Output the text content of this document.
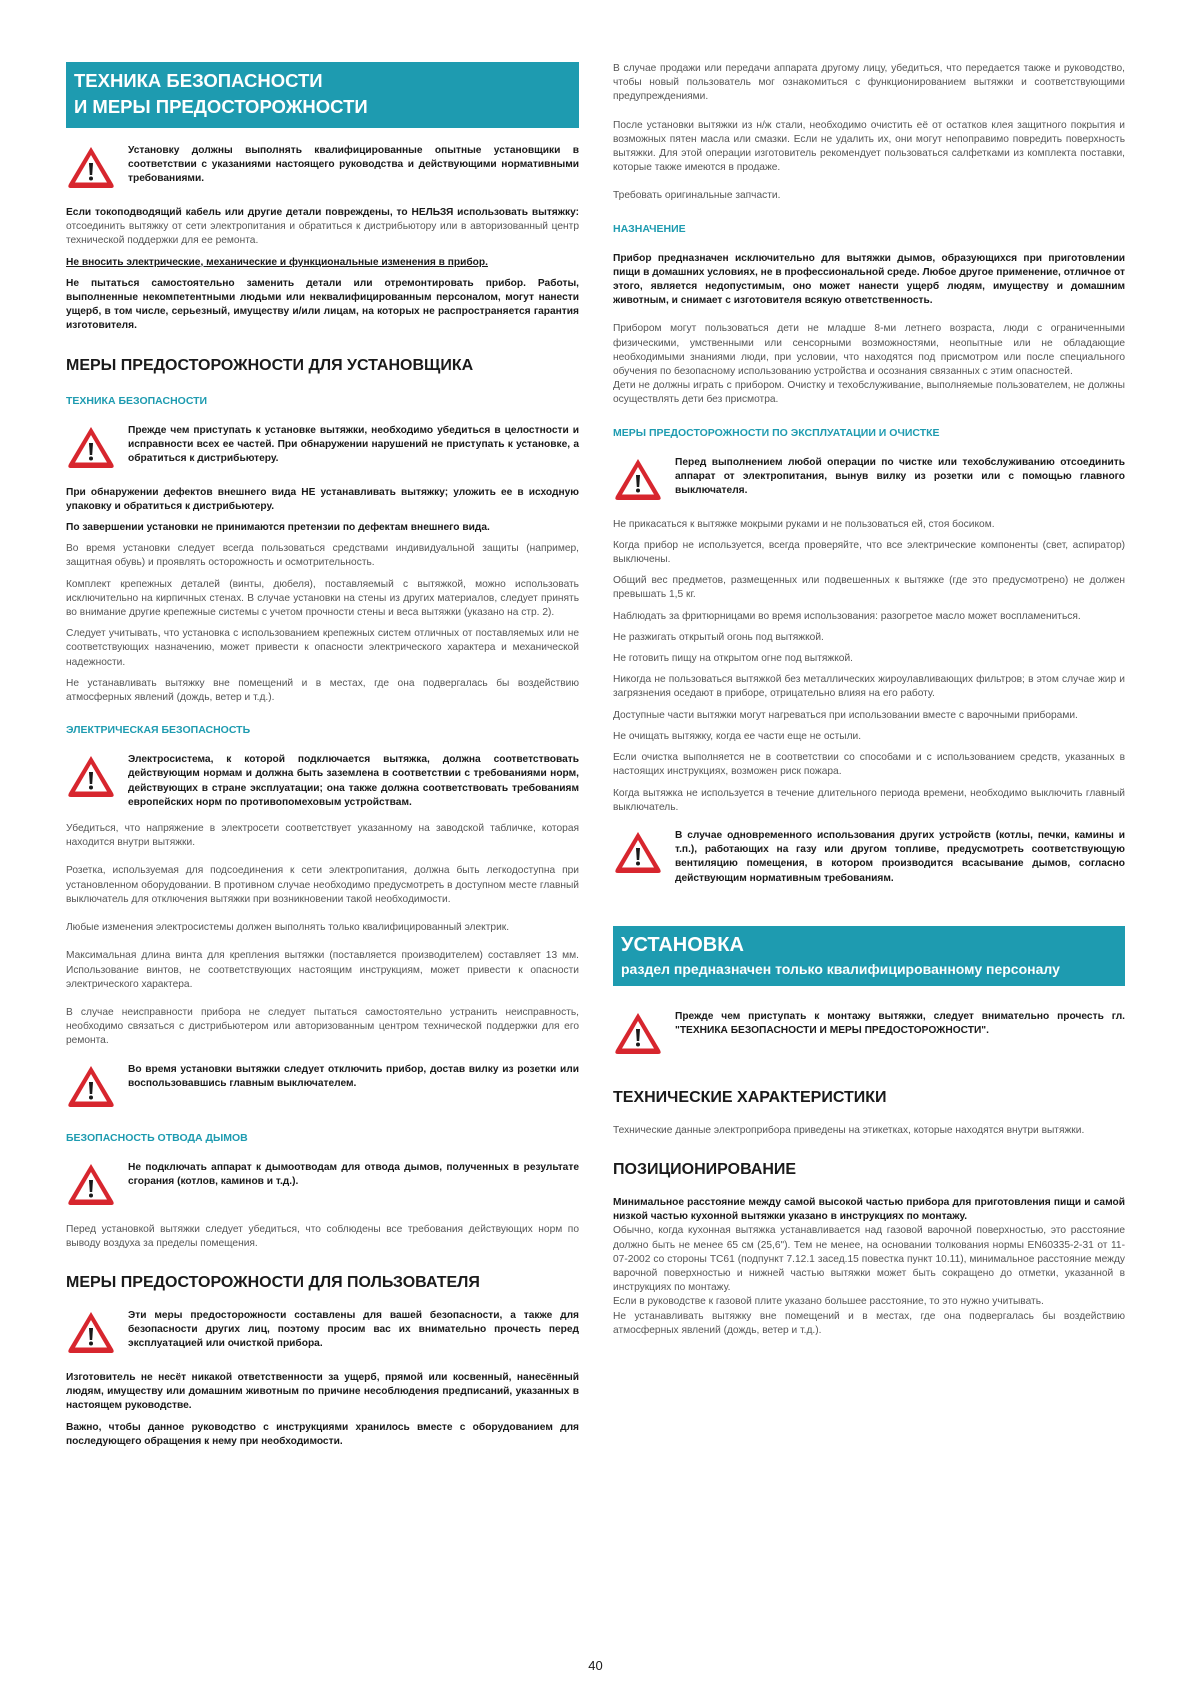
ТЕХНИКА БЕЗОПАСНОСТИ
И МЕРЫ ПРЕДОСТОРОЖНОСТИ

Установку должны выполнять квалифицированные опытные установщики в соответствии с указаниями настоящего руководства и действующими нормативными требованиями.

Если токоподводящий кабель или другие детали повреждены, то НЕЛЬЗЯ использовать вытяжку: отсоединить вытяжку от сети электропитания и обратиться к дистрибьютору или в авторизованный центр технической поддержки для ее ремонта.

Не вносить электрические, механические и функциональные изменения в прибор.

Не пытаться самостоятельно заменить детали или отремонтировать прибор. Работы, выполненные некомпетентными людьми или неквалифицированным персоналом, могут нанести ущерб, в том числе, серьезный, имуществу и/или лицам, на которых не распространяется гарантия изготовителя.

МЕРЫ ПРЕДОСТОРОЖНОСТИ ДЛЯ УСТАНОВЩИКА
ТЕХНИКА БЕЗОПАСНОСТИ

Прежде чем приступать к установке вытяжки, необходимо убедиться в целостности и исправности всех ее частей. При обнаружении нарушений не приступать к установке, а обратиться к дистрибьютеру.

При обнаружении дефектов внешнего вида НЕ устанавливать вытяжку; уложить ее в исходную упаковку и обратиться к дистрибьютеру.

По завершении установки не принимаются претензии по дефектам внешнего вида.

Во время установки следует всегда пользоваться средствами индивидуальной защиты (например, защитная обувь) и проявлять осторожность и осмотрительность.

Комплект крепежных деталей (винты, дюбеля), поставляемый с вытяжкой, можно использовать исключительно на кирпичных стенах. В случае установки на стены из других материалов, следует принять во внимание другие крепежные системы с учетом прочности стены и веса вытяжки (указано на стр. 2).

Следует учитывать, что установка с использованием крепежных систем отличных от поставляемых или не соответствующих назначению, может привести к опасности электрического характера и механической надежности.

Не устанавливать вытяжку вне помещений и в местах, где она подвергалась бы воздействию атмосферных явлений (дождь, ветер и т.д.).

ЭЛЕКТРИЧЕСКАЯ БЕЗОПАСНОСТЬ

Электросистема, к которой подключается вытяжка, должна соответствовать действующим нормам и должна быть заземлена в соответствии с требованиями норм, действующих в стране эксплуатации; она также должна соответствовать требованиям европейских норм по противопомеховым устройствам.

Убедиться, что напряжение в электросети соответствует указанному на заводской табличке, которая находится внутри вытяжки.

Розетка, используемая для подсоединения к сети электропитания, должна быть легкодоступна при установленном оборудовании. В противном случае необходимо предусмотреть в доступном месте главный выключатель для отключения вытяжки при возникновении такой необходимости.

Любые изменения электросистемы должен выполнять только квалифицированный электрик.

Максимальная длина винта для крепления вытяжки (поставляется производителем) составляет 13 мм. Использование винтов, не соответствующих настоящим инструкциям, может привести к опасности электрического характера.

В случае неисправности прибора не следует пытаться самостоятельно устранить неисправность, необходимо связаться с дистрибьютером или авторизованным центром технической поддержки для его ремонта.

Во время установки вытяжки следует отключить прибор, достав вилку из розетки или воспользовавшись главным выключателем.

БЕЗОПАСНОСТЬ ОТВОДА ДЫМОВ

Не подключать аппарат к дымоотводам для отвода дымов, полученных в результате сгорания (котлов, каминов и т.д.).

Перед установкой вытяжки следует убедиться, что соблюдены все требования действующих норм по выводу воздуха за пределы помещения.

МЕРЫ ПРЕДОСТОРОЖНОСТИ ДЛЯ ПОЛЬЗОВАТЕЛЯ

Эти меры предосторожности составлены для вашей безопасности, а также для безопасности других лиц, поэтому просим вас их внимательно прочесть перед эксплуатацией или очисткой прибора.

Изготовитель не несёт никакой ответственности за ущерб, прямой или косвенный, нанесённый людям, имуществу или домашним животным по причине несоблюдения предписаний, указанных в настоящем руководстве.

Важно, чтобы данное руководство с инструкциями хранилось вместе с оборудованием для последующего обращения к нему при необходимости.

В случае продажи или передачи аппарата другому лицу, убедиться, что передается также и руководство, чтобы новый пользователь мог ознакомиться с функционированием вытяжки и соответствующими предупреждениями.

После установки вытяжки из н/ж стали, необходимо очистить её от остатков клея защитного покрытия и возможных пятен масла или смазки. Если не удалить их, они могут непоправимо повредить поверхность вытяжки. Для этой операции изготовитель рекомендует пользоваться салфетками из комплекта поставки, которые также имеются в продаже.

Требовать оригинальные запчасти.

НАЗНАЧЕНИЕ

Прибор предназначен исключительно для вытяжки дымов, образующихся при приготовлении пищи в домашних условиях, не в профессиональной среде. Любое другое применение, отличное от этого, является недопустимым, оно может нанести ущерб людям, имуществу и домашним животным, и снимает с изготовителя всякую ответственность.

Прибором могут пользоваться дети не младше 8-ми летнего возраста, люди с ограниченными физическими, умственными или сенсорными возможностями, неопытные или не обладающие необходимыми знаниями люди, при условии, что находятся под присмотром или после специального обучения по безопасному использованию устройства и осознания связанных с этим опасностей.

Дети не должны играть с прибором. Очистку и техобслуживание, выполняемые пользователем, не должны осуществлять дети без присмотра.

МЕРЫ ПРЕДОСТОРОЖНОСТИ ПО ЭКСПЛУАТАЦИИ И ОЧИСТКЕ

Перед выполнением любой операции по чистке или техобслуживанию отсоединить аппарат от электропитания, вынув вилку из розетки или с помощью главного выключателя.

Не прикасаться к вытяжке мокрыми руками и не пользоваться ей, стоя босиком.

Когда прибор не используется, всегда проверяйте, что все электрические компоненты (свет, аспиратор) выключены.

Общий вес предметов, размещенных или подвешенных к вытяжке (где это предусмотрено) не должен превышать 1,5 кг.

Наблюдать за фритюрницами во время использования: разогретое масло может воспламениться.

Не разжигать открытый огонь под вытяжкой.

Не готовить пищу на открытом огне под вытяжкой.

Никогда не пользоваться вытяжкой без металлических жироулавливающих фильтров; в этом случае жир и загрязнения оседают в приборе, отрицательно влияя на его работу.

Доступные части вытяжки могут нагреваться при использовании вместе с варочными приборами.

Не очищать вытяжку, когда ее части еще не остыли.

Если очистка выполняется не в соответствии со способами и с использованием средств, указанных в настоящих инструкциях, возможен риск пожара.

Когда вытяжка не используется в течение длительного периода времени, необходимо выключить главный выключатель.

В случае одновременного использования других устройств (котлы, печки, камины и т.п.), работающих на газу или другом топливе, предусмотреть соответствующую вентиляцию помещения, в котором производится всасывание дымов, согласно действующим нормативным требованиям.

УСТАНОВКА
раздел предназначен только квалифицированному персоналу

Прежде чем приступать к монтажу вытяжки, следует внимательно прочесть гл. "ТЕХНИКА БЕЗОПАСНОСТИ И МЕРЫ ПРЕДОСТОРОЖНОСТИ".

ТЕХНИЧЕСКИЕ ХАРАКТЕРИСТИКИ

Технические данные электроприбора приведены на этикетках, которые находятся внутри вытяжки.

ПОЗИЦИОНИРОВАНИЕ

Минимальное расстояние между самой высокой частью прибора для приготовления пищи и самой низкой частью кухонной вытяжки указано в инструкциях по монтажу.

Обычно, когда кухонная вытяжка устанавливается над газовой варочной поверхностью, это расстояние должно быть не менее 65 см (25,6"). Тем не менее, на основании толкования нормы EN60335-2-31 от 11-07-2002 со стороны ТС61 (подпункт 7.12.1 засед.15 повестка пункт 10.11), минимальное расстояние между варочной поверхностью и нижней частью вытяжки может быть сокращено до отметки, указанной в инструкциях по монтажу.

Если в руководстве к газовой плите указано большее расстояние, то это нужно учитывать.

Не устанавливать вытяжку вне помещений и в местах, где она подвергалась бы воздействию атмосферных явлений (дождь, ветер и т.д.).

40
